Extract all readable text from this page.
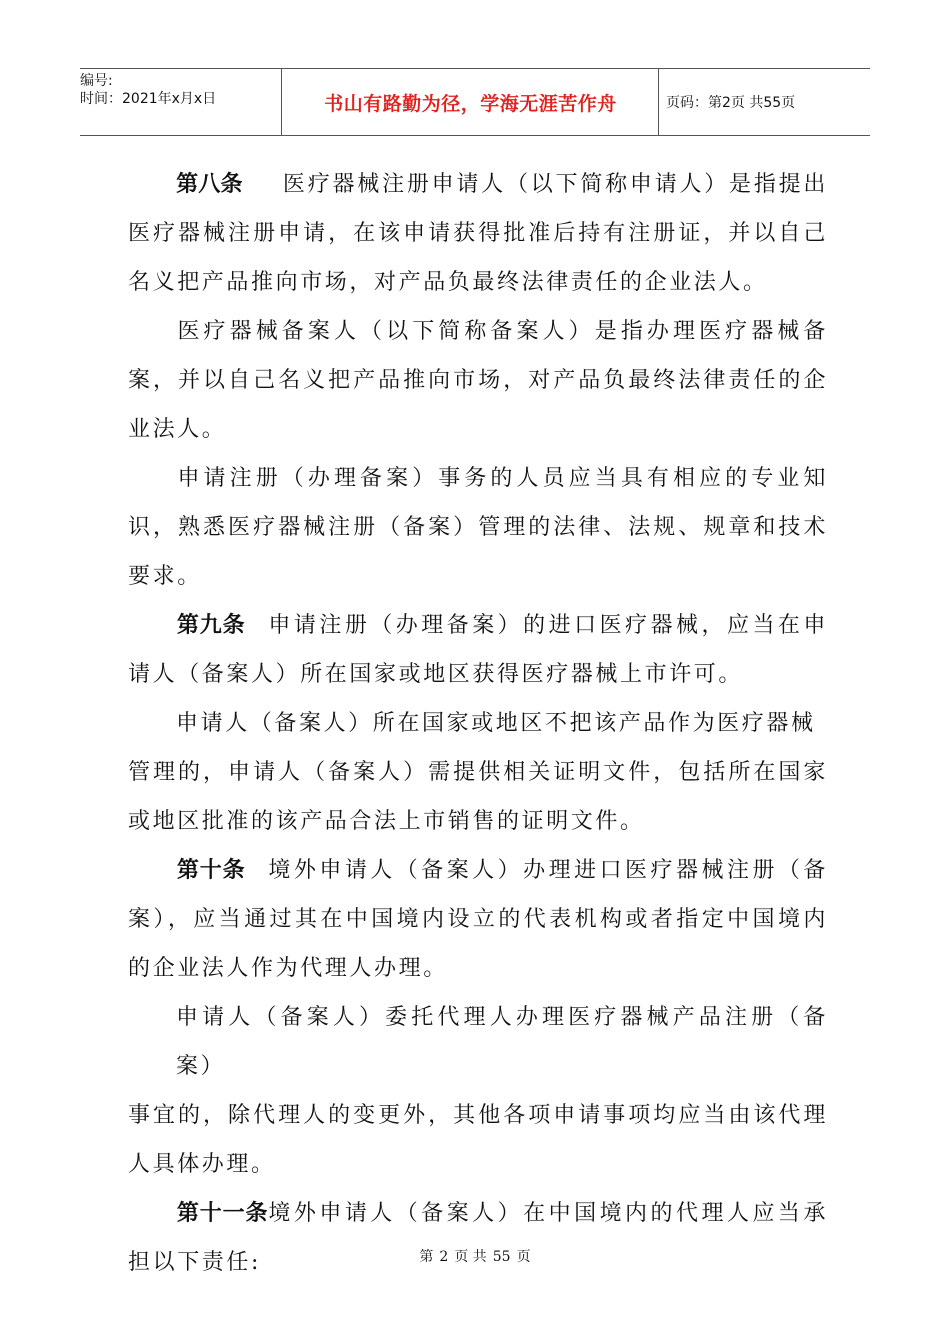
编号:
时间：2021年x月x日	书山有路勤为径，学海无涯苦作舟	页码：第2页 共55页

第八条 医疗器械注册申请人（以下简称申请人）是指提出医疗器械注册申请，在该申请获得批准后持有注册证，并以自己名义把产品推向市场，对产品负最终法律责任的企业法人。

医疗器械备案人（以下简称备案人）是指办理医疗器械备案，并以自己名义把产品推向市场，对产品负最终法律责任的企业法人。

申请注册（办理备案）事务的人员应当具有相应的专业知识，熟悉医疗器械注册（备案）管理的法律、法规、规章和技术要求。

第九条 申请注册（办理备案）的进口医疗器械，应当在申请人（备案人）所在国家或地区获得医疗器械上市许可。

申请人（备案人）所在国家或地区不把该产品作为医疗器械

管理的，申请人（备案人）需提供相关证明文件，包括所在国家或地区批准的该产品合法上市销售的证明文件。

第十条 境外申请人（备案人）办理进口医疗器械注册（备案），应当通过其在中国境内设立的代表机构或者指定中国境内的企业法人作为代理人办理。

申请人（备案人）委托代理人办理医疗器械产品注册（备案）

事宜的，除代理人的变更外，其他各项申请事项均应当由该代理人具体办理。

第十一条境外申请人（备案人）在中国境内的代理人应当承担以下责任:	第 2 页 共 55 页
